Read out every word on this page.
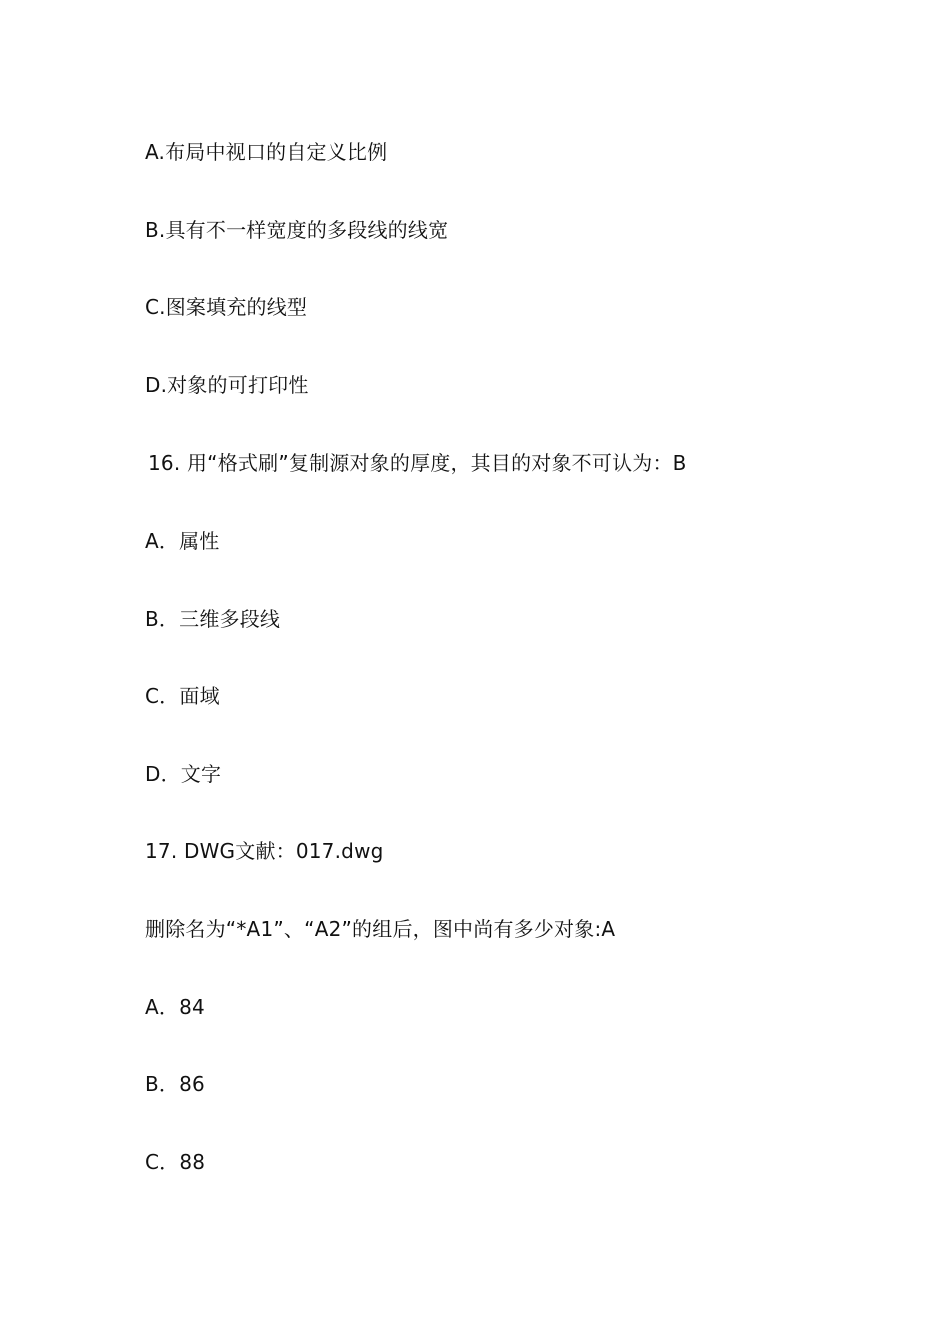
A.布局中视口的自定义比例
B.具有不一样宽度的多段线的线宽
C.图案填充的线型
D.对象的可打印性
16. 用“格式刷”复制源对象的厚度，其目的对象不可认为：B
A．属性
B．三维多段线
C．面域
D．文字
17. DWG文献：017.dwg
删除名为“*A1”、“A2”的组后，图中尚有多少对象:A
A．84
B．86
C．88
